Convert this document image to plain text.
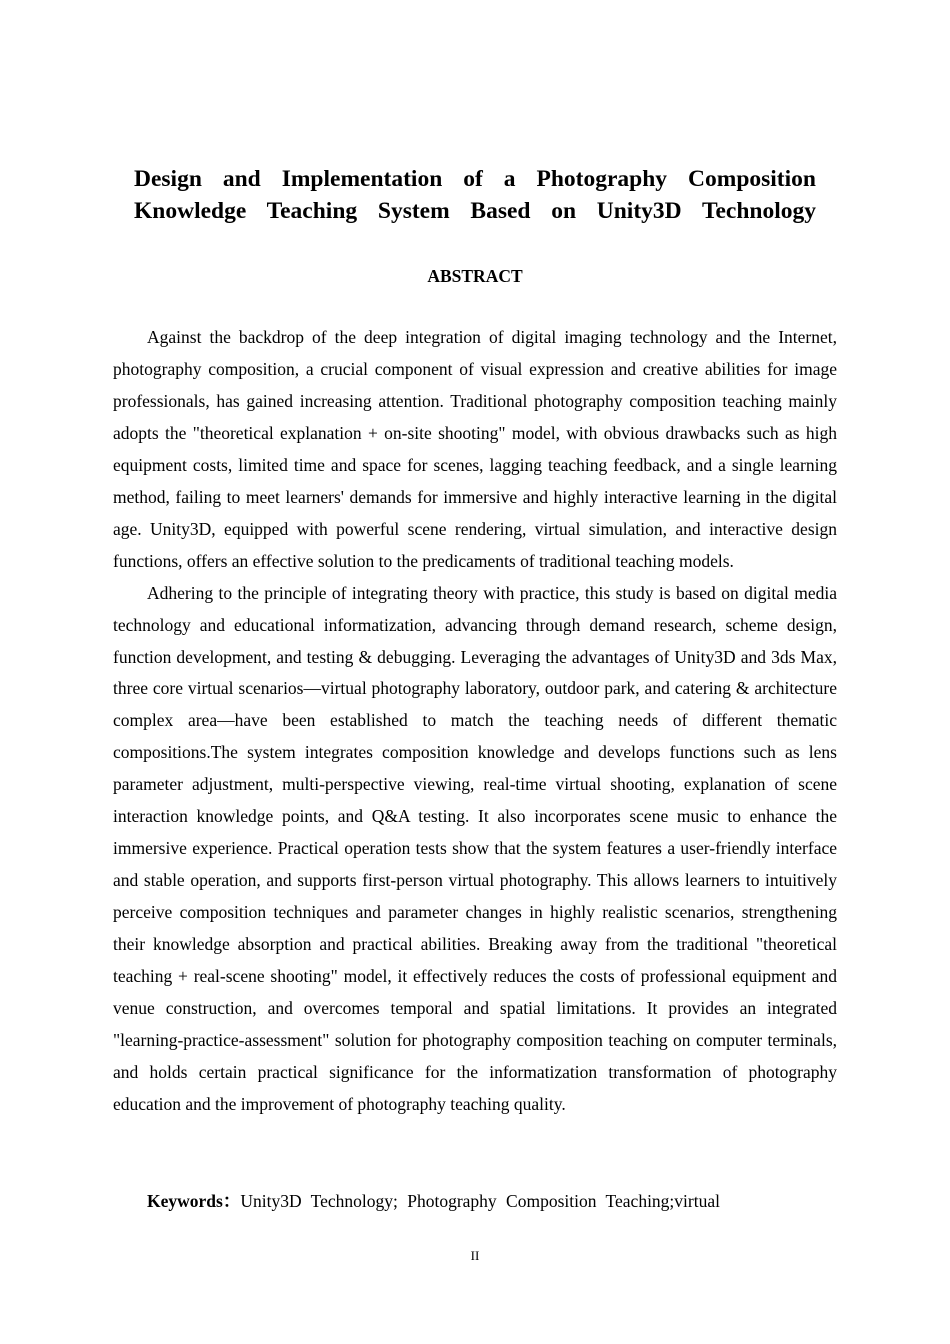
Design and Implementation of a Photography Composition Knowledge Teaching System Based on Unity3D Technology
ABSTRACT

Against the backdrop of the deep integration of digital imaging technology and the Internet, photography composition, a crucial component of visual expression and creative abilities for image professionals, has gained increasing attention. Traditional photography composition teaching mainly adopts the "theoretical explanation + on-site shooting" model, with obvious drawbacks such as high equipment costs, limited time and space for scenes, lagging teaching feedback, and a single learning method, failing to meet learners' demands for immersive and highly interactive learning in the digital age. Unity3D, equipped with powerful scene rendering, virtual simulation, and interactive design functions, offers an effective solution to the predicaments of traditional teaching models.

Adhering to the principle of integrating theory with practice, this study is based on digital media technology and educational informatization, advancing through demand research, scheme design, function development, and testing & debugging. Leveraging the advantages of Unity3D and 3ds Max, three core virtual scenarios—virtual photography laboratory, outdoor park, and catering & architecture complex area—have been established to match the teaching needs of different thematic compositions.The system integrates composition knowledge and develops functions such as lens parameter adjustment, multi-perspective viewing, real-time virtual shooting, explanation of scene interaction knowledge points, and Q&A testing. It also incorporates scene music to enhance the immersive experience. Practical operation tests show that the system features a user-friendly interface and stable operation, and supports first-person virtual photography. This allows learners to intuitively perceive composition techniques and parameter changes in highly realistic scenarios, strengthening their knowledge absorption and practical abilities. Breaking away from the traditional "theoretical teaching + real-scene shooting" model, it effectively reduces the costs of professional equipment and venue construction, and overcomes temporal and spatial limitations. It provides an integrated "learning-practice-assessment" solution for photography composition teaching on computer terminals, and holds certain practical significance for the informatization transformation of photography education and the improvement of photography teaching quality.

Keywords：Unity3D Technology; Photography Composition Teaching;virtual

II
